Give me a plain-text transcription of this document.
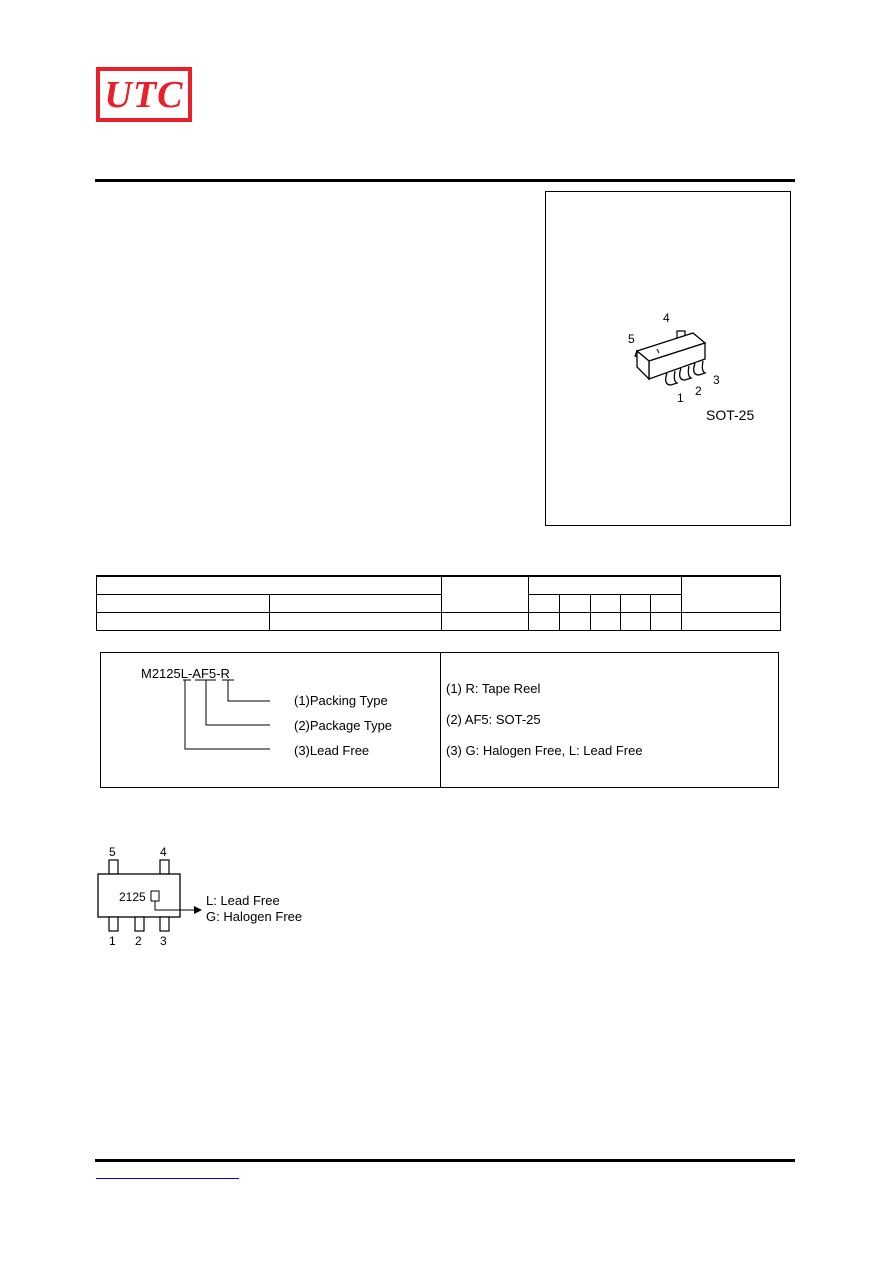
UTC
4
5
1 2
3
SOT-25

M2125L-AF5-R
(1)Packing Type
(2)Package Type
(3)Lead Free
(1) R: Tape Reel
(2) AF5: SOT-25
(3) G: Halogen Free, L: Lead Free
5	4
2125
1 2 3
L: Lead Free
G: Halogen Free
